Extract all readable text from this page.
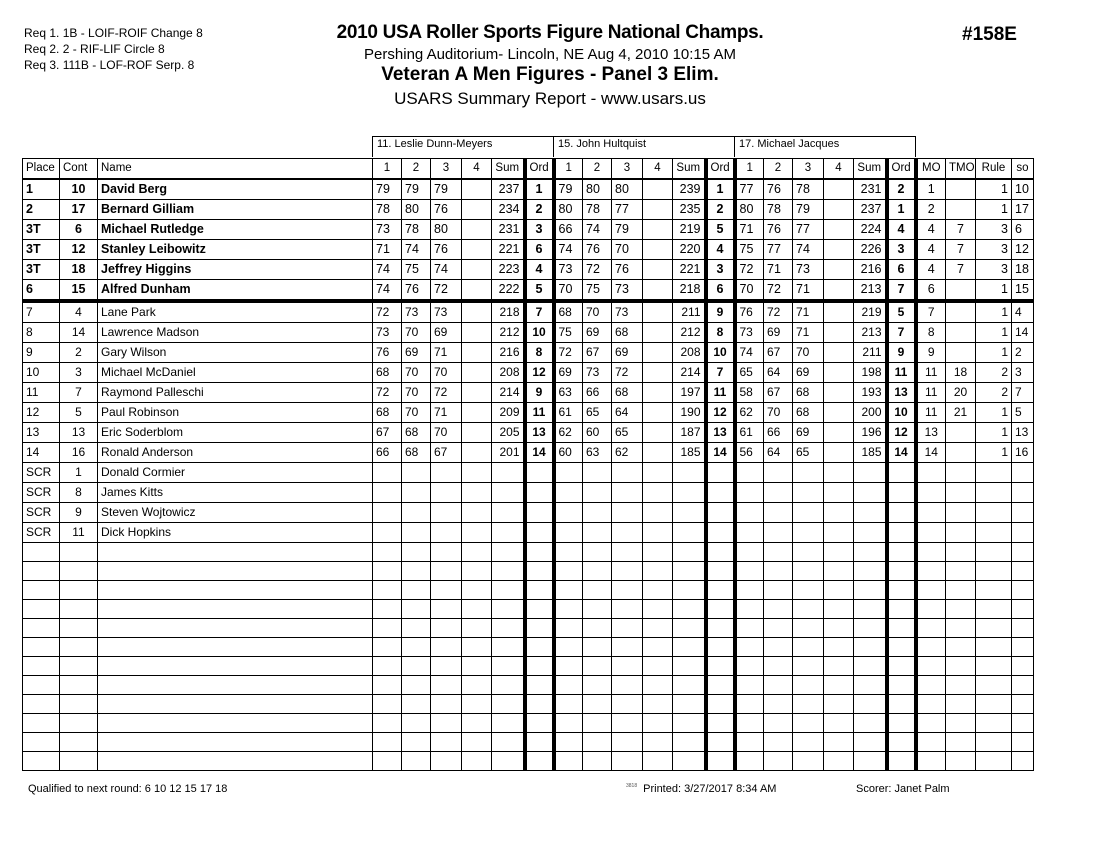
Req 1. 1B - LOIF-ROIF Change 8
Req 2. 2 - RIF-LIF Circle 8
Req 3. 111B - LOF-ROF Serp. 8
2010 USA Roller Sports Figure National Champs.
Pershing Auditorium- Lincoln, NE Aug 4, 2010 10:15 AM
Veteran A Men Figures - Panel 3 Elim.
USARS Summary Report - www.usars.us
#158E
11. Leslie Dunn-Meyers	15. John Hultquist	17. Michael Jacques
Place	Cont	Name	1	2	3	4	Sum	Ord	1	2	3	4	Sum	Ord	1	2	3	4	Sum	Ord	MO	TMO	Rule	so
1	10	David Berg	79	79	79		237	1	79	80	80		239	1	77	76	78		231	2	1		1	10
2	17	Bernard Gilliam	78	80	76		234	2	80	78	77		235	2	80	78	79		237	1	2		1	17
3T	6	Michael Rutledge	73	78	80		231	3	66	74	79		219	5	71	76	77		224	4	4	7	3	6
3T	12	Stanley Leibowitz	71	74	76		221	6	74	76	70		220	4	75	77	74		226	3	4	7	3	12
3T	18	Jeffrey Higgins	74	75	74		223	4	73	72	76		221	3	72	71	73		216	6	4	7	3	18
6	15	Alfred Dunham	74	76	72		222	5	70	75	73		218	6	70	72	71		213	7	6		1	15
7	4	Lane Park	72	73	73		218	7	68	70	73		211	9	76	72	71		219	5	7		1	4
8	14	Lawrence Madson	73	70	69		212	10	75	69	68		212	8	73	69	71		213	7	8		1	14
9	2	Gary Wilson	76	69	71		216	8	72	67	69		208	10	74	67	70		211	9	9		1	2
10	3	Michael McDaniel	68	70	70		208	12	69	73	72		214	7	65	64	69		198	11	11	18	2	3
11	7	Raymond Palleschi	72	70	72		214	9	63	66	68		197	11	58	67	68		193	13	11	20	2	7
12	5	Paul Robinson	68	70	71		209	11	61	65	64		190	12	62	70	68		200	10	11	21	1	5
13	13	Eric Soderblom	67	68	70		205	13	62	60	65		187	13	61	66	69		196	12	13		1	13
14	16	Ronald Anderson	66	68	67		201	14	60	63	62		185	14	56	64	65		185	14	14		1	16
SCR	1	Donald Cormier																						
SCR	8	James Kitts																						
SCR	9	Steven Wojtowicz																						
SCR	11	Dick Hopkins																						

Qualified to next round: 6 10 12 15 17 18	$^{3818}$ Printed: 3/27/2017 8:34 AM	Scorer: Janet Palm
